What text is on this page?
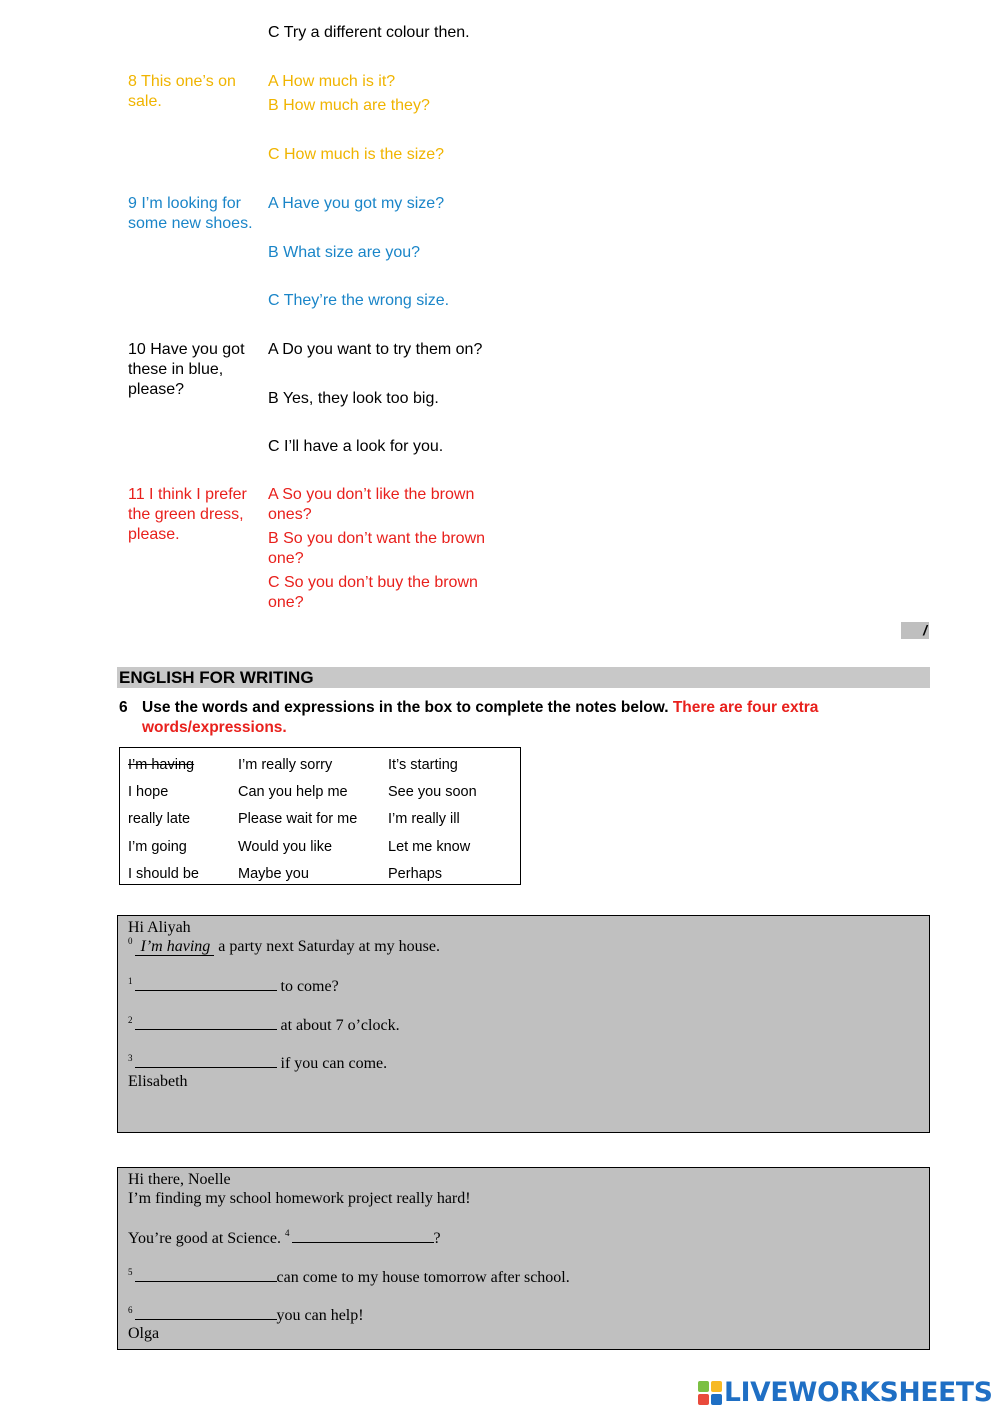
C Try a different colour then.
8 This one’s on sale.
A How much is it?
B How much are they?
C How much is the size?
9 I’m looking for some new shoes.
A Have you got my size?
B What size are you?
C They’re the wrong size.
10 Have you got these in blue, please?
A Do you want to try them on?
B Yes, they look too big.
C I’ll have a look for you.
11 I think I prefer the green dress, please.
A So you don’t like the brown ones?
B So you don’t want the brown one?
C So you don’t buy the brown one?
/
ENGLISH FOR WRITING
6 Use the words and expressions in the box to complete the notes below. There are four extra words/expressions.
I’m having	I’m really sorry	It’s starting
I hope	Can you help me	See you soon
really late	Please wait for me	I’m really ill
I’m going	Would you like	Let me know
I should be	Maybe you	Perhaps
Hi Aliyah
$^0$ I’m having a party next Saturday at my house.
$^1$	to come?
$^2$	at about 7 o’clock.
$^3$	if you can come.
Elisabeth
Hi there, Noelle
I’m finding my school homework project really hard!
You’re good at Science. $^4$	?
$^5$	can come to my house tomorrow after school.
$^6$	you can help!
Olga
LIVEWORKSHEETS
